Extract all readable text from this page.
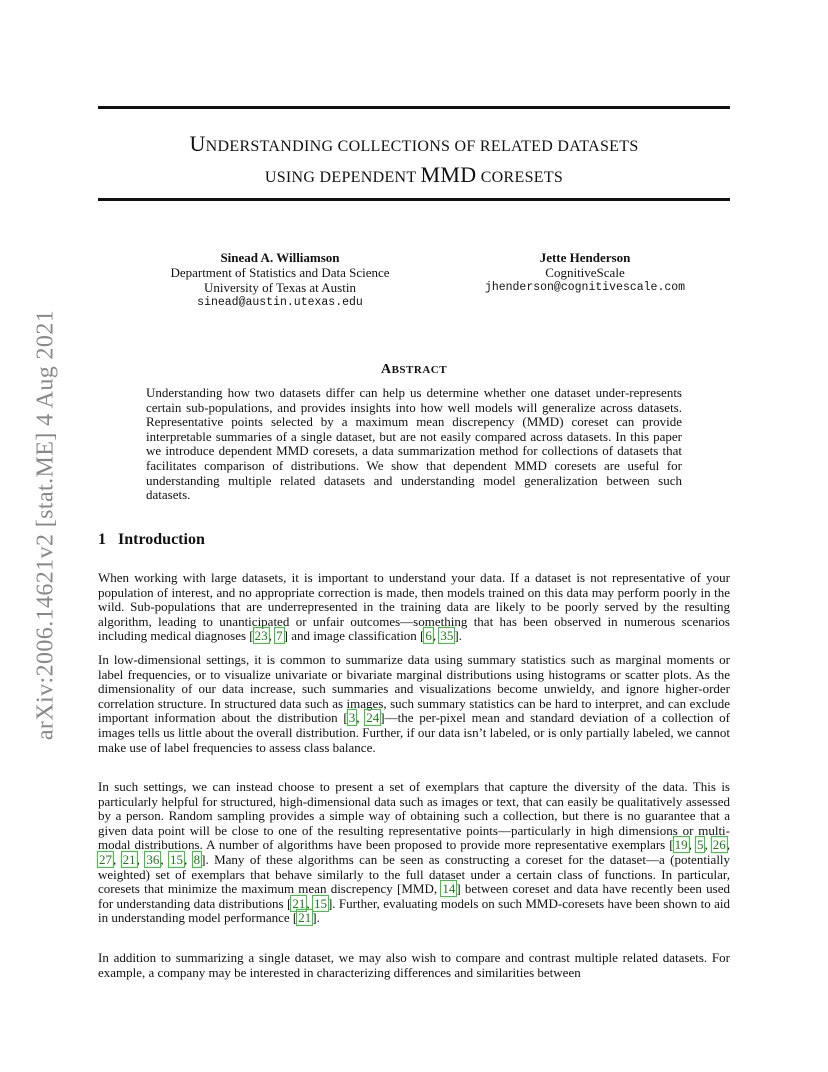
arXiv:2006.14621v2 [stat.ME] 4 Aug 2021
UNDERSTANDING COLLECTIONS OF RELATED DATASETS
USING DEPENDENT MMD CORESETS
Sinead A. Williamson
Department of Statistics and Data Science
University of Texas at Austin
sinead@austin.utexas.edu
Jette Henderson
CognitiveScale
jhenderson@cognitivescale.com
ABSTRACT

Understanding how two datasets differ can help us determine whether one dataset under-represents certain sub-populations, and provides insights into how well models will generalize across datasets. Representative points selected by a maximum mean discrepency (MMD) coreset can provide interpretable summaries of a single dataset, but are not easily compared across datasets. In this paper we introduce dependent MMD coresets, a data summarization method for collections of datasets that facilitates comparison of distributions. We show that dependent MMD coresets are useful for understanding multiple related datasets and understanding model generalization between such datasets.

1 Introduction

When working with large datasets, it is important to understand your data. If a dataset is not representative of your population of interest, and no appropriate correction is made, then models trained on this data may perform poorly in the wild. Sub-populations that are underrepresented in the training data are likely to be poorly served by the resulting algorithm, leading to unanticipated or unfair outcomes—something that has been observed in numerous scenarios including medical diagnoses [23, 7] and image classification [6, 35].

In low-dimensional settings, it is common to summarize data using summary statistics such as marginal moments or label frequencies, or to visualize univariate or bivariate marginal distributions using histograms or scatter plots. As the dimensionality of our data increase, such summaries and visualizations become unwieldy, and ignore higher-order correlation structure. In structured data such as images, such summary statistics can be hard to interpret, and can exclude important information about the distribution [3, 24]—the per-pixel mean and standard deviation of a collection of images tells us little about the overall distribution. Further, if our data isn’t labeled, or is only partially labeled, we cannot make use of label frequencies to assess class balance.

In such settings, we can instead choose to present a set of exemplars that capture the diversity of the data. This is particularly helpful for structured, high-dimensional data such as images or text, that can easily be qualitatively assessed by a person. Random sampling provides a simple way of obtaining such a collection, but there is no guarantee that a given data point will be close to one of the resulting representative points—particularly in high dimensions or multi-modal distributions. A number of algorithms have been proposed to provide more representative exemplars [19, 5, 26, 27, 21, 36, 15, 8]. Many of these algorithms can be seen as constructing a coreset for the dataset—a (potentially weighted) set of exemplars that behave similarly to the full dataset under a certain class of functions. In particular, coresets that minimize the maximum mean discrepency [MMD, 14] between coreset and data have recently been used for understanding data distributions [21, 15]. Further, evaluating models on such MMD-coresets have been shown to aid in understanding model performance [21].

In addition to summarizing a single dataset, we may also wish to compare and contrast multiple related datasets. For example, a company may be interested in characterizing differences and similarities between
